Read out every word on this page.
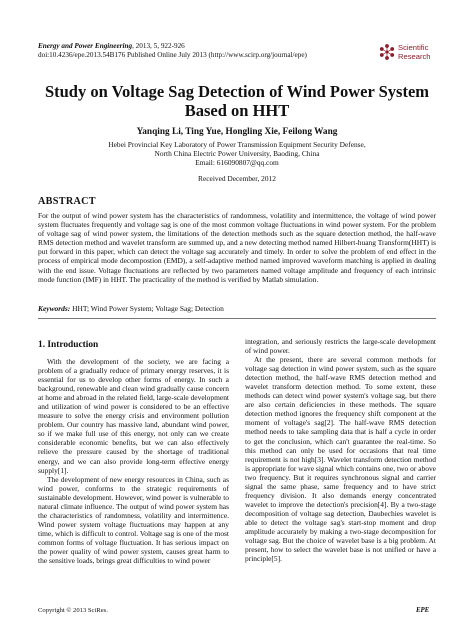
Energy and Power Engineering, 2013, 5, 922-926
doi:10.4236/epe.2013.54B176 Published Online July 2013 (http://www.scirp.org/journal/epe)
Scientific
Research
Study on Voltage Sag Detection of Wind Power System
Based on HHT
Yanqing Li, Ting Yue, Hongling Xie, Feilong Wang
Hebei Provincial Key Laboratory of Power Transmission Equipment Security Defense,
North China Electric Power University, Baoding, China
Email: 616090807@qq.com
Received December, 2012
ABSTRACT
For the output of wind power system has the characteristics of randomness, volatility and intermittence, the voltage of wind power system fluctuates frequently and voltage sag is one of the most common voltage fluctuations in wind power system. For the problem of voltage sag of wind power system, the limitations of the detection methods such as the square detection method, the half-wave RMS detection method and wavelet transform are summed up, and a new detecting method named Hilbert-huang Transform(HHT) is put forward in this paper, which can detect the voltage sag accurately and timely. In order to solve the problem of end effect in the process of empirical mode decompostion (EMD), a self-adaptive method named improved waveform matching is applied in dealing with the end issue. Voltage fluctuations are reflected by two parameters named voltage amplitude and frequency of each intrinsic mode function (IMF) in HHT. The practicality of the method is verified by Matlab simulation.
Keywords: HHT; Wind Power System; Voltage Sag; Detection
1. Introduction

With the development of the society, we are facing a problem of a gradually reduce of primary energy reserves, it is essential for us to develop other forms of energy. In such a background, renewable and clean wind gradually cause concern at home and abroad in the related field, large-scale development and utilization of wind power is considered to be an effective measure to solve the energy crisis and environment pollution problem. Our country has massive land, abundant wind power, so if we make full use of this energy, not only can we create considerable economic benefits, but we can also effectively relieve the pressure caused by the shortage of traditional energy, and we can also provide long-term effective energy supply[1].

The development of new energy resources in China, such as wind power, conforms to the strategic requirements of sustainable development. However, wind power is vulnerable to natural climate influence. The output of wind power system has the characteristics of randomness, volatility and intermittence. Wind power system voltage fluctuations may happen at any time, which is difficult to control. Voltage sag is one of the most common forms of voltage fluctuation. It has serious impact on the power quality of wind power system, causes great harm to the sensitive loads, brings great difficulties to wind power

integration, and seriously restricts the large-scale development of wind power.

At the present, there are several common methods for voltage sag detection in wind power system, such as the square detection method, the half-wave RMS detection method and wavelet transform detection method. To some extent, these methods can detect wind power system's voltage sag, but there are also certain deficiencies in these methods. The square detection method ignores the frequency shift component at the moment of voltage's sag[2]. The half-wave RMS detection method needs to take sampling data that is half a cycle in order to get the conclusion, which can't guarantee the real-time. So this method can only be used for occasions that real time requirement is not high[3]. Wavelet transform detection method is appropriate for wave signal which contains one, two or above two frequency. But it requires synchronous signal and carrier signal the same phase, same frequency and to have strict frequency division. It also demands energy concentrated wavelet to improve the detection's precision[4]. By a two-stage decomposition of voltage sag detection, Daubechies wavelet is able to detect the voltage sag's start-stop moment and drop amplitude accurately by making a two-stage decomposition for voltage sag. But the choice of wavelet base is a big problem. At present, how to select the wavelet base is not unified or have a principle[5].

Copyright © 2013 SciRes.	EPE
